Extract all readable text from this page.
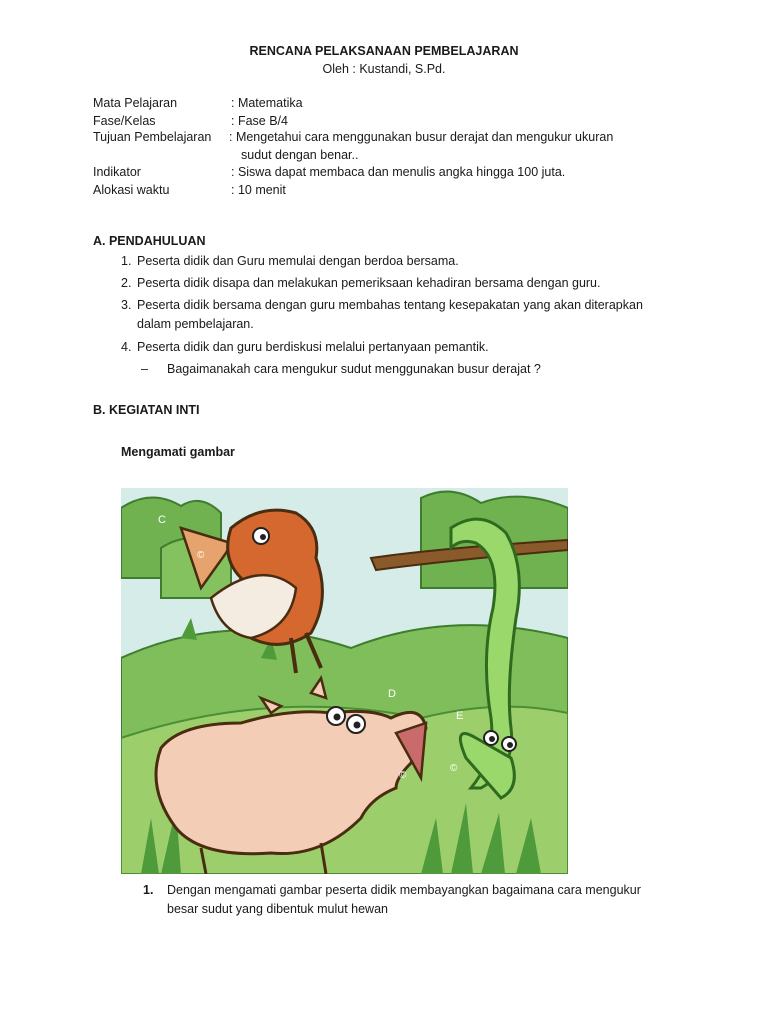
RENCANA PELAKSANAAN PEMBELAJARAN
Oleh : Kustandi, S.Pd.
Mata Pelajaran	: Matematika
Fase/Kelas	: Fase B/4
Tujuan Pembelajaran : Mengetahui cara menggunakan busur derajat dan mengukur ukuran
sudut dengan benar..
Indikator	: Siswa dapat membaca dan menulis angka hingga 100 juta.
Alokasi waktu	: 10 menit
A. PENDAHULUAN
1. Peserta didik dan Guru memulai dengan berdoa bersama.
2. Peserta didik disapa dan melakukan pemeriksaan kehadiran bersama dengan guru.
3. Peserta didik bersama dengan guru membahas tentang kesepakatan yang akan diterapkan
dalam pembelajaran.
4. Peserta didik dan guru berdiskusi melalui pertanyaan pemantik.
– Bagaimanakah cara mengukur sudut menggunakan busur derajat ?
B. KEGIATAN INTI
Mengamati gambar
C
©
D
©
E
©
1. Dengan mengamati gambar peserta didik membayangkan bagaimana cara mengukur
besar sudut yang dibentuk mulut hewan
